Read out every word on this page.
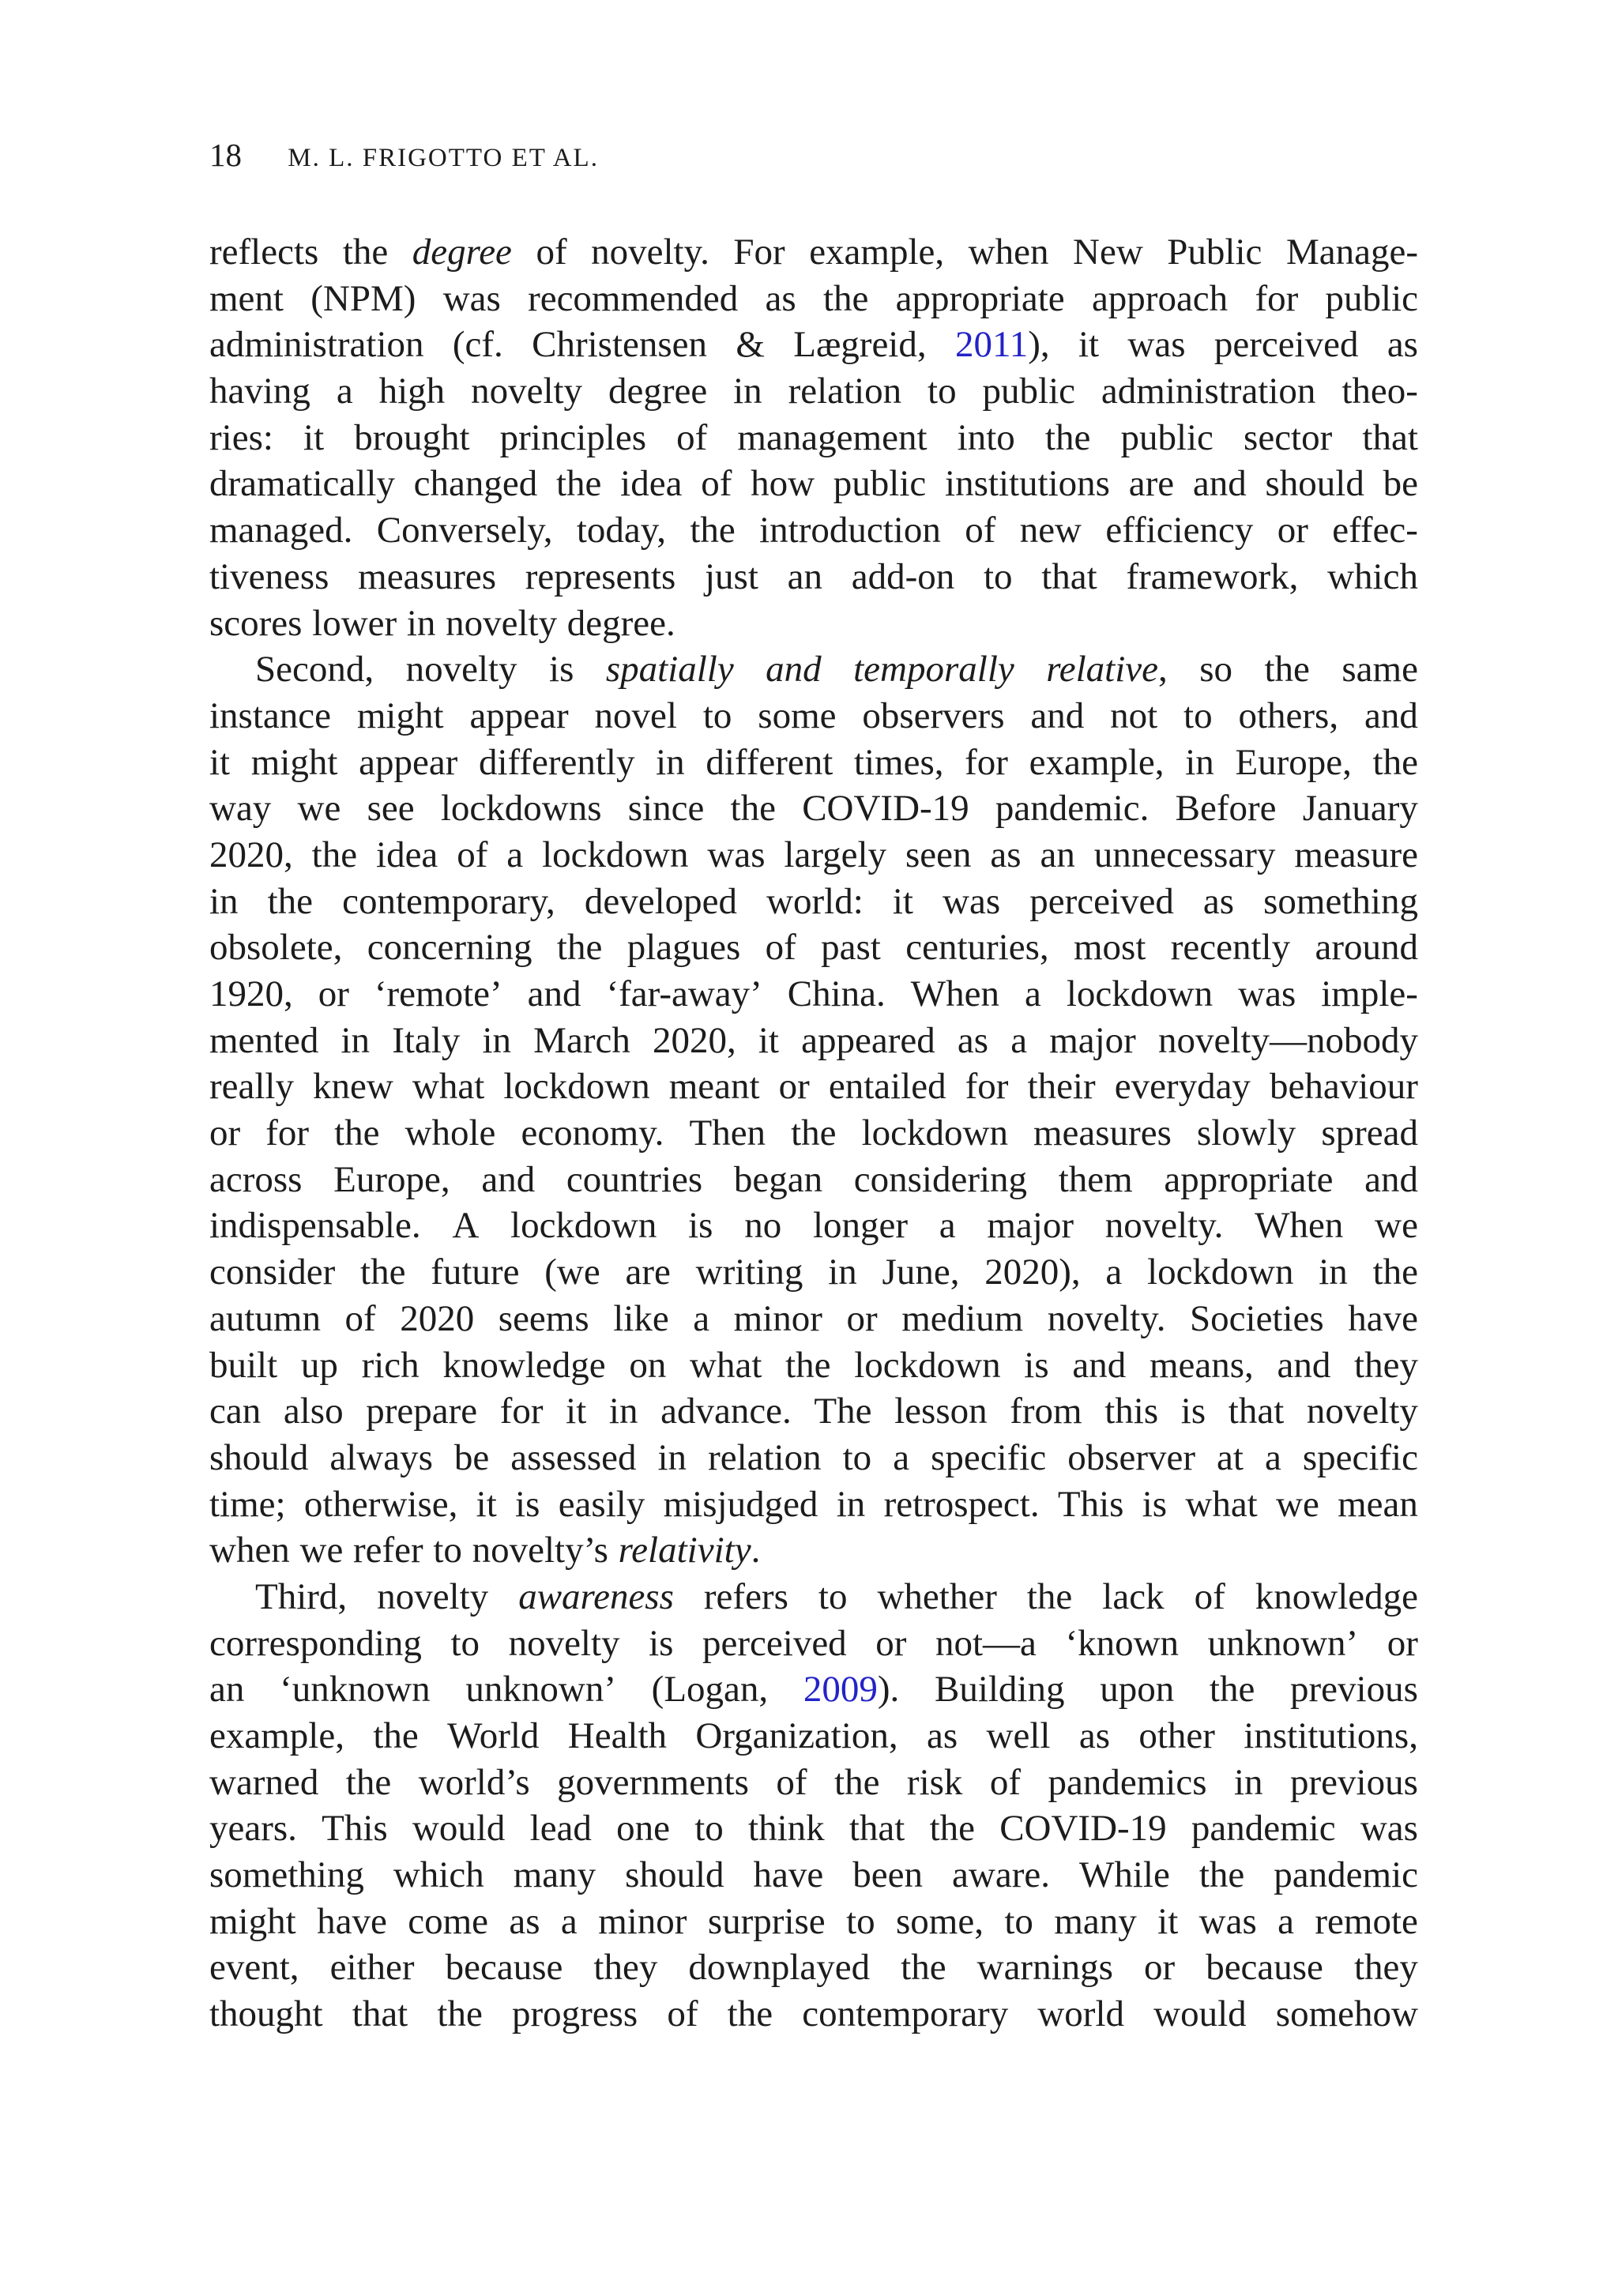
18 M. L. FRIGOTTO ET AL.
reflects the degree of novelty. For example, when New Public Manage-
ment (NPM) was recommended as the appropriate approach for public
administration (cf. Christensen & Lægreid, 2011), it was perceived as
having a high novelty degree in relation to public administration theo-
ries: it brought principles of management into the public sector that
dramatically changed the idea of how public institutions are and should be
managed. Conversely, today, the introduction of new efficiency or effec-
tiveness measures represents just an add-on to that framework, which
scores lower in novelty degree.
Second, novelty is spatially and temporally relative, so the same
instance might appear novel to some observers and not to others, and
it might appear differently in different times, for example, in Europe, the
way we see lockdowns since the COVID-19 pandemic. Before January
2020, the idea of a lockdown was largely seen as an unnecessary measure
in the contemporary, developed world: it was perceived as something
obsolete, concerning the plagues of past centuries, most recently around
1920, or ‘remote’ and ‘far-away’ China. When a lockdown was imple-
mented in Italy in March 2020, it appeared as a major novelty—nobody
really knew what lockdown meant or entailed for their everyday behaviour
or for the whole economy. Then the lockdown measures slowly spread
across Europe, and countries began considering them appropriate and
indispensable. A lockdown is no longer a major novelty. When we
consider the future (we are writing in June, 2020), a lockdown in the
autumn of 2020 seems like a minor or medium novelty. Societies have
built up rich knowledge on what the lockdown is and means, and they
can also prepare for it in advance. The lesson from this is that novelty
should always be assessed in relation to a specific observer at a specific
time; otherwise, it is easily misjudged in retrospect. This is what we mean
when we refer to novelty’s relativity.
Third, novelty awareness refers to whether the lack of knowledge
corresponding to novelty is perceived or not—a ‘known unknown’ or
an ‘unknown unknown’ (Logan, 2009). Building upon the previous
example, the World Health Organization, as well as other institutions,
warned the world’s governments of the risk of pandemics in previous
years. This would lead one to think that the COVID-19 pandemic was
something which many should have been aware. While the pandemic
might have come as a minor surprise to some, to many it was a remote
event, either because they downplayed the warnings or because they
thought that the progress of the contemporary world would somehow
